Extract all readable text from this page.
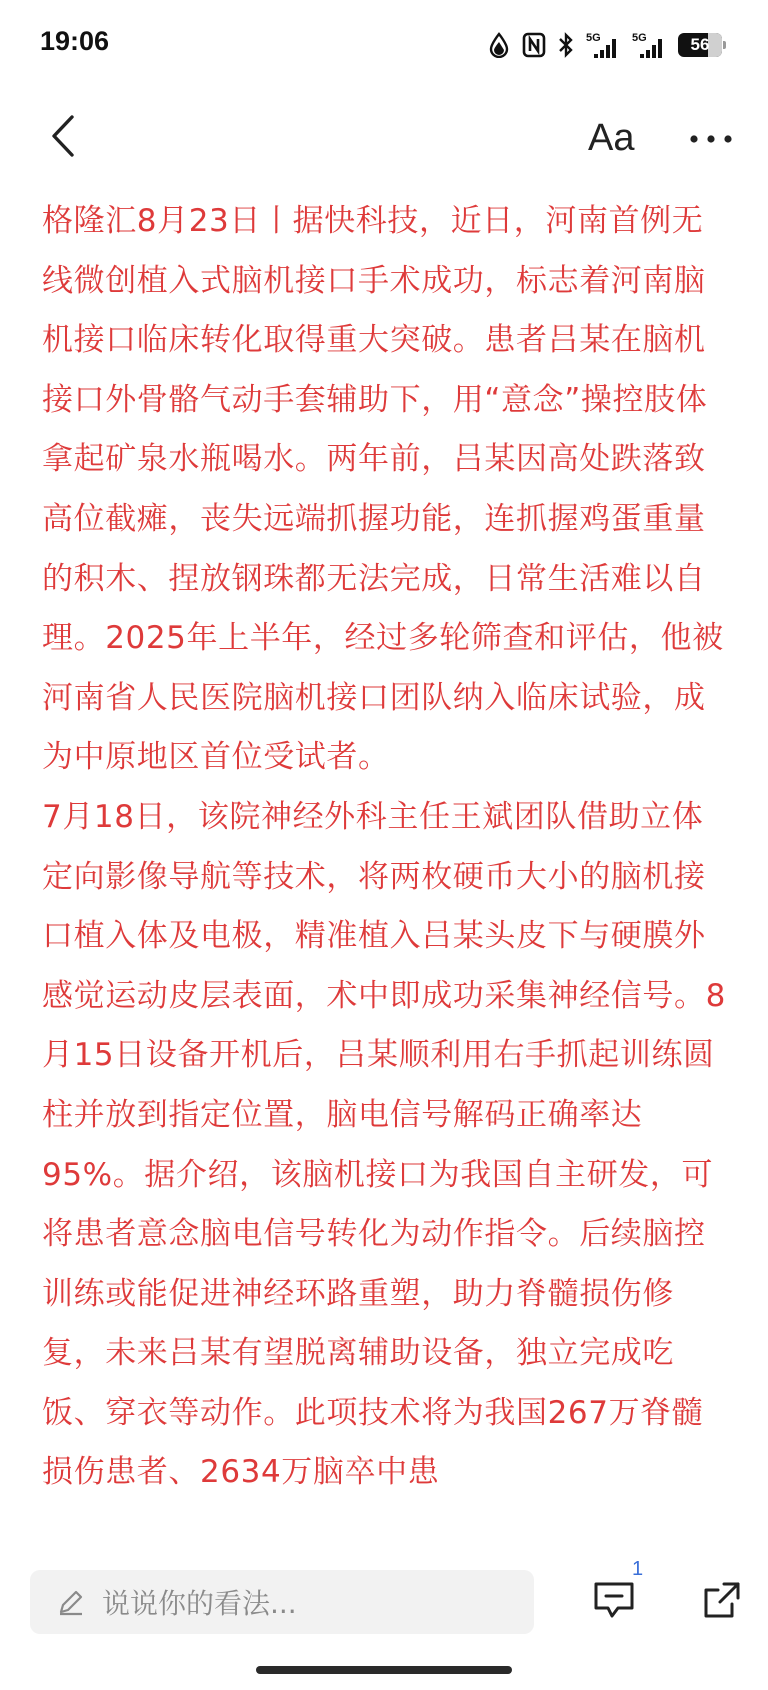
19:06	5G	5G	56
Aa

格隆汇8月23日丨据快科技，近日，河南首例无线微创植入式脑机接口手术成功，标志着河南脑机接口临床转化取得重大突破。患者吕某在脑机接口外骨骼气动手套辅助下，用“意念”操控肢体拿起矿泉水瓶喝水。两年前，吕某因高处跌落致高位截瘫，丧失远端抓握功能，连抓握鸡蛋重量的积木、捏放钢珠都无法完成，日常生活难以自理。2025年上半年，经过多轮筛查和评估，他被河南省人民医院脑机接口团队纳入临床试验，成为中原地区首位受试者。

7月18日，该院神经外科主任王斌团队借助立体定向影像导航等技术，将两枚硬币大小的脑机接口植入体及电极，精准植入吕某头皮下与硬膜外感觉运动皮层表面，术中即成功采集神经信号。8月15日设备开机后，吕某顺利用右手抓起训练圆柱并放到指定位置，脑电信号解码正确率达95%。据介绍，该脑机接口为我国自主研发，可将患者意念脑电信号转化为动作指令。后续脑控训练或能促进神经环路重塑，助力脊髓损伤修复，未来吕某有望脱离辅助设备，独立完成吃饭、穿衣等动作。此项技术将为我国267万脊髓损伤患者、2634万脑卒中患

说说你的看法...
1
